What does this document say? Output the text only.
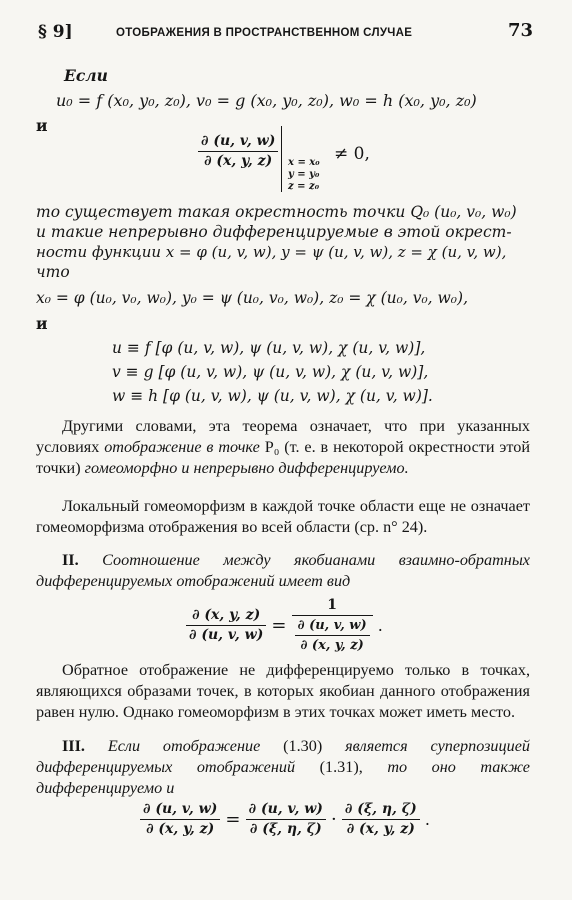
§ 9]	ОТОБРАЖЕНИЯ В ПРОСТРАНСТВЕННОМ СЛУЧАЕ	73
Если
u₀ = f (x₀, y₀, z₀), v₀ = g (x₀, y₀, z₀), w₀ = h (x₀, y₀, z₀)
и
$\frac{\partial (u, v, w)}{\partial (x, y, z)}$ x = x₀
y = y₀
z = z₀
≠ 0,
то существует такая окрестность точки Q₀ (u₀, v₀, w₀)
и такие непрерывно дифференцируемые в этой окрест-
ности функции x = φ (u, v, w), y = ψ (u, v, w), z = χ (u, v, w),
что
x₀ = φ (u₀, v₀, w₀), y₀ = ψ (u₀, v₀, w₀), z₀ = χ (u₀, v₀, w₀),
и
u ≡ f [φ (u, v, w), ψ (u, v, w), χ (u, v, w)],
v ≡ g [φ (u, v, w), ψ (u, v, w), χ (u, v, w)],
w ≡ h [φ (u, v, w), ψ (u, v, w), χ (u, v, w)].
Другими словами, эта теорема означает, что при указанных условиях отображение в точке P₀ (т. е. в некоторой окрестности этой точки) гомеоморфно и непрерывно дифференцируемо.
Локальный гомеоморфизм в каждой точке области еще не означает гомеоморфизма отображения во всей области (ср. n° 24).
II. Соотношение между якобианами взаимно-обратных дифференцируемых отображений имеет вид
$\frac{\partial (x, y, z)}{\partial (u, v, w)} = \frac{1}{\frac{\partial (u, v, w)}{\partial (x, y, z)}}$ .
Обратное отображение не дифференцируемо только в точках, являющихся образами точек, в которых якобиан данного отображения равен нулю. Однако гомеоморфизм в этих точках может иметь место.
III. Если отображение (1.30) является суперпозицией дифференцируемых отображений (1.31), то оно также дифференцируемо и
$\frac{\partial (u, v, w)}{\partial (x, y, z)} = \frac{\partial (u, v, w)}{\partial (\xi, \eta, \zeta)} \cdot \frac{\partial (\xi, \eta, \zeta)}{\partial (x, y, z)}$ .
